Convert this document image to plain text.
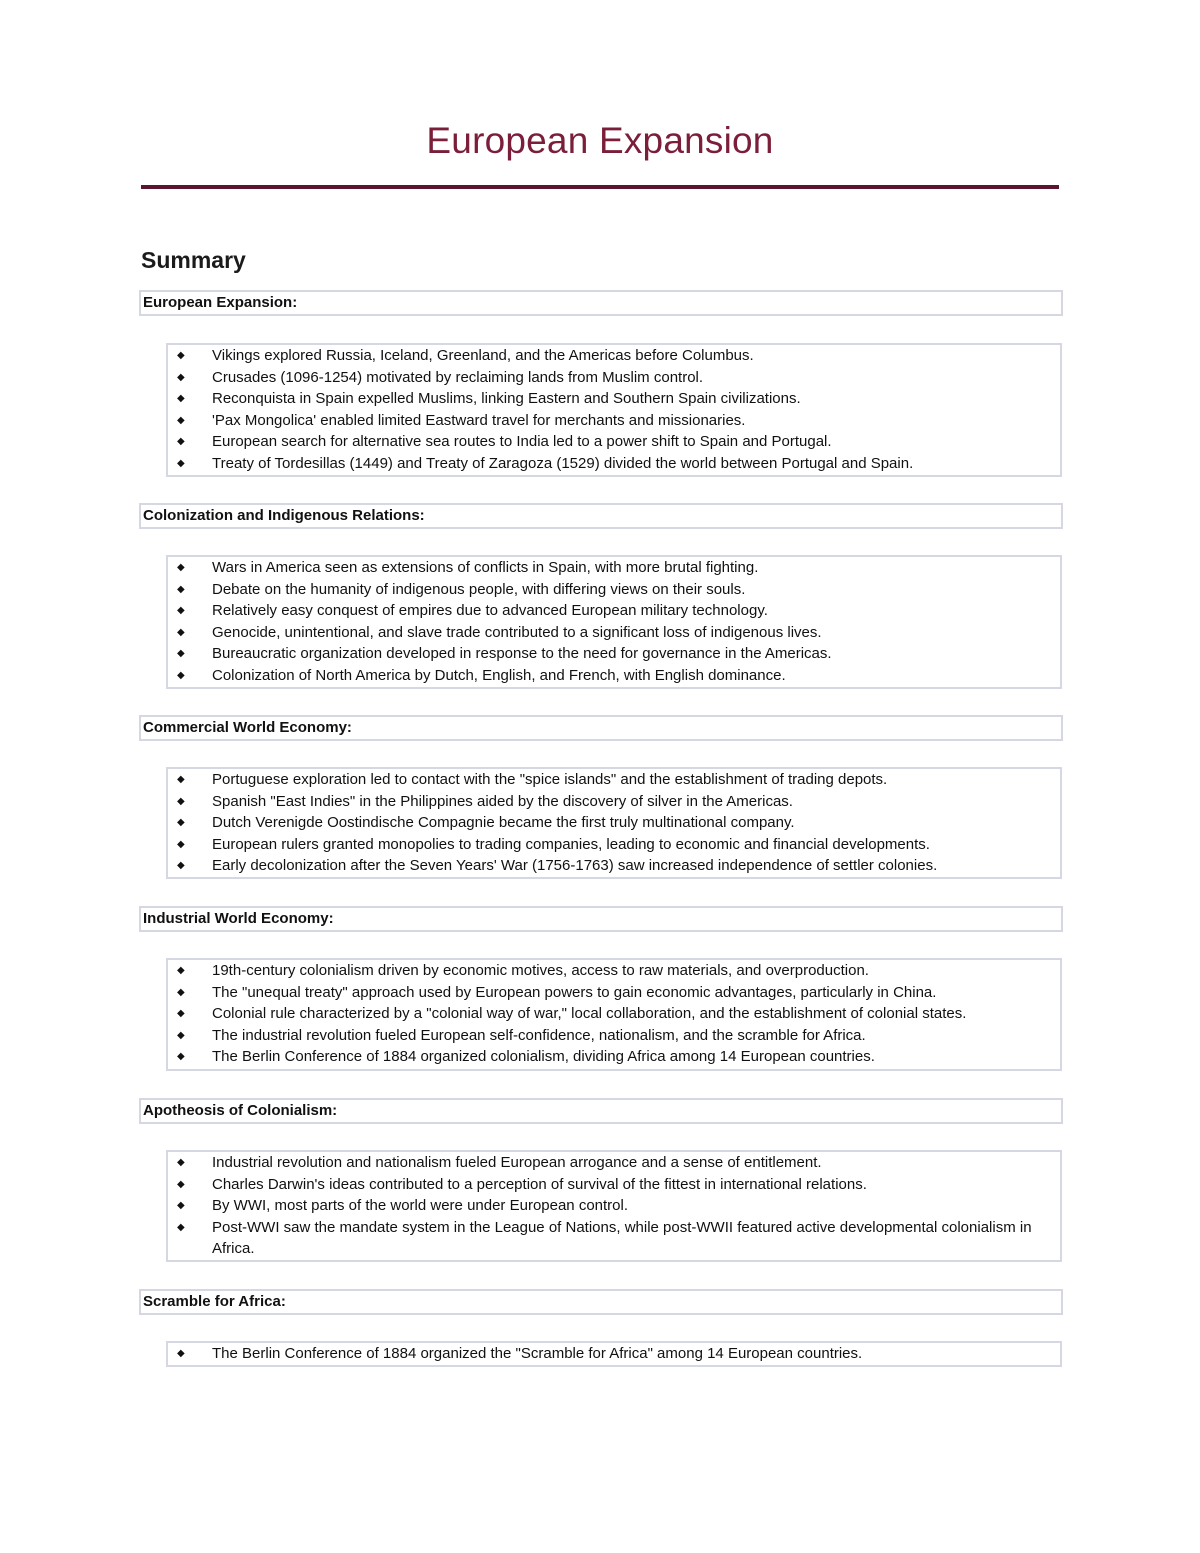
European Expansion
Summary
European Expansion:
◆ Vikings explored Russia, Iceland, Greenland, and the Americas before Columbus.
◆ Crusades (1096-1254) motivated by reclaiming lands from Muslim control.
◆ Reconquista in Spain expelled Muslims, linking Eastern and Southern Spain civilizations.
◆ 'Pax Mongolica' enabled limited Eastward travel for merchants and missionaries.
◆ European search for alternative sea routes to India led to a power shift to Spain and Portugal.
◆ Treaty of Tordesillas (1449) and Treaty of Zaragoza (1529) divided the world between Portugal and Spain.
Colonization and Indigenous Relations:
◆ Wars in America seen as extensions of conflicts in Spain, with more brutal fighting.
◆ Debate on the humanity of indigenous people, with differing views on their souls.
◆ Relatively easy conquest of empires due to advanced European military technology.
◆ Genocide, unintentional, and slave trade contributed to a significant loss of indigenous lives.
◆ Bureaucratic organization developed in response to the need for governance in the Americas.
◆ Colonization of North America by Dutch, English, and French, with English dominance.
Commercial World Economy:
◆ Portuguese exploration led to contact with the "spice islands" and the establishment of trading depots.
◆ Spanish "East Indies" in the Philippines aided by the discovery of silver in the Americas.
◆ Dutch Verenigde Oostindische Compagnie became the first truly multinational company.
◆ European rulers granted monopolies to trading companies, leading to economic and financial developments.
◆ Early decolonization after the Seven Years' War (1756-1763) saw increased independence of settler colonies.
Industrial World Economy:
◆ 19th-century colonialism driven by economic motives, access to raw materials, and overproduction.
◆ The "unequal treaty" approach used by European powers to gain economic advantages, particularly in China.
◆ Colonial rule characterized by a "colonial way of war," local collaboration, and the establishment of colonial states.
◆ The industrial revolution fueled European self-confidence, nationalism, and the scramble for Africa.
◆ The Berlin Conference of 1884 organized colonialism, dividing Africa among 14 European countries.
Apotheosis of Colonialism:
◆ Industrial revolution and nationalism fueled European arrogance and a sense of entitlement.
◆ Charles Darwin's ideas contributed to a perception of survival of the fittest in international relations.
◆ By WWI, most parts of the world were under European control.
◆ Post-WWI saw the mandate system in the League of Nations, while post-WWII featured active developmental colonialism in Africa.
Scramble for Africa:
◆ The Berlin Conference of 1884 organized the "Scramble for Africa" among 14 European countries.
